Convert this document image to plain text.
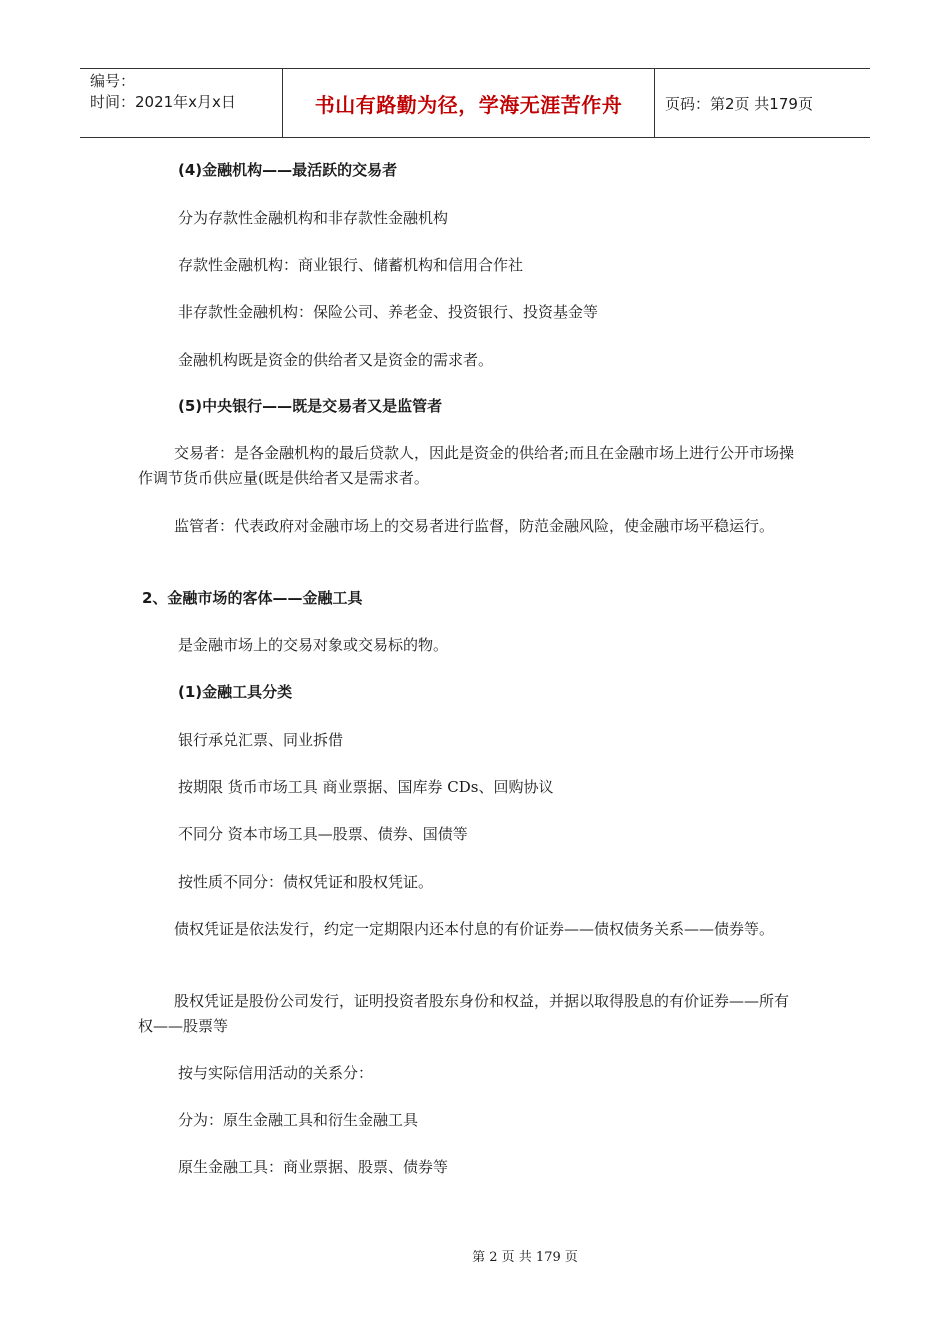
编号：
时间：2021年x月x日	书山有路勤为径，学海无涯苦作舟	页码：第2页 共179页
(4)金融机构——最活跃的交易者
分为存款性金融机构和非存款性金融机构
存款性金融机构：商业银行、储蓄机构和信用合作社
非存款性金融机构：保险公司、养老金、投资银行、投资基金等
金融机构既是资金的供给者又是资金的需求者。
(5)中央银行——既是交易者又是监管者
交易者：是各金融机构的最后贷款人，因此是资金的供给者;而且在金融市场上进行公开市场操作调节货币供应量(既是供给者又是需求者。
监管者：代表政府对金融市场上的交易者进行监督，防范金融风险，使金融市场平稳运行。
2、金融市场的客体——金融工具
是金融市场上的交易对象或交易标的物。
(1)金融工具分类
银行承兑汇票、同业拆借
按期限 货币市场工具 商业票据、国库券 CDs、回购协议
不同分 资本市场工具—股票、债券、国债等
按性质不同分：债权凭证和股权凭证。
债权凭证是依法发行，约定一定期限内还本付息的有价证券——债权债务关系——债券等。
股权凭证是股份公司发行，证明投资者股东身份和权益，并据以取得股息的有价证券——所有权——股票等
按与实际信用活动的关系分：
分为：原生金融工具和衍生金融工具
原生金融工具：商业票据、股票、债券等
第 2 页 共 179 页
